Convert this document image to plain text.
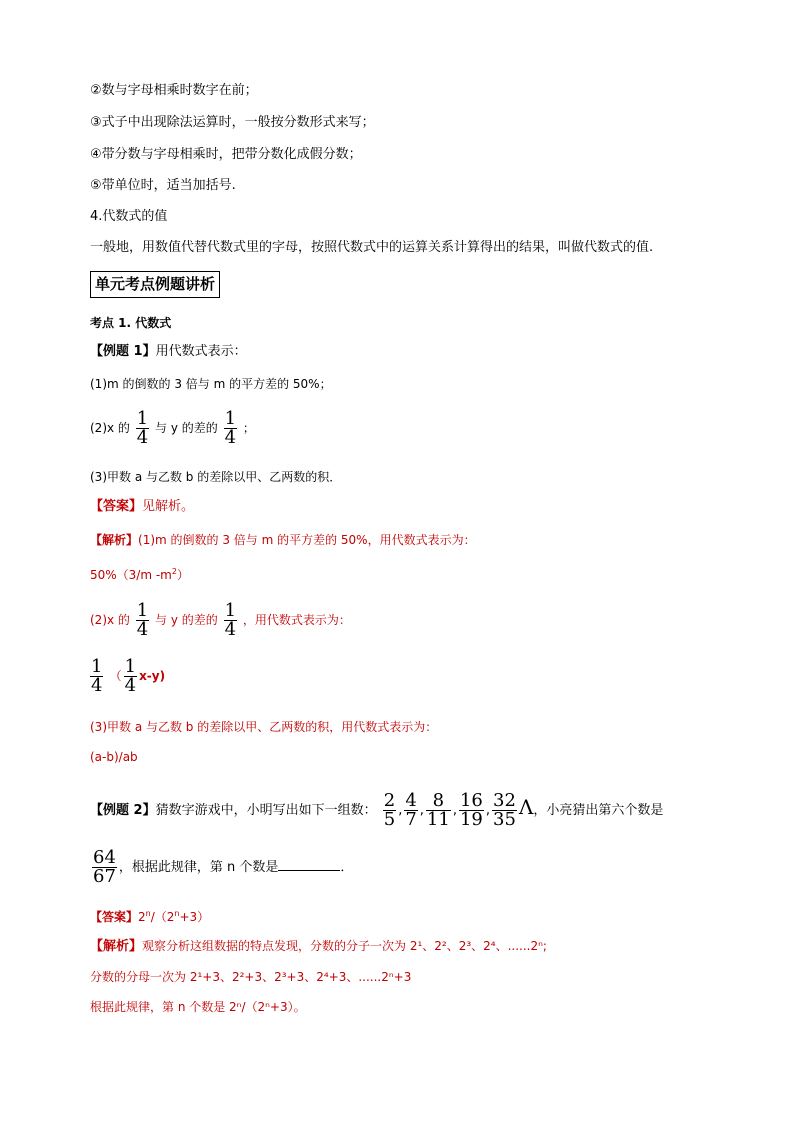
②数与字母相乘时数字在前；
③式子中出现除法运算时，一般按分数形式来写；
④带分数与字母相乘时，把带分数化成假分数；
⑤带单位时，适当加括号.
4.代数式的值
一般地，用数值代替代数式里的字母，按照代数式中的运算关系计算得出的结果，叫做代数式的值.
单元考点例题讲析
考点 1. 代数式
【例题 1】用代数式表示：
(1)m 的倒数的 3 倍与 m 的平方差的 50%；
(2)x 的 $\frac{1}{4}$ 与 y 的差的 $\frac{1}{4}$ ；
(3)甲数 a 与乙数 b 的差除以甲、乙两数的积．
【答案】见解析。
【解析】(1)m 的倒数的 3 倍与 m 的平方差的 50%，用代数式表示为：
50%（3/m $-m^2$）
(2)x 的 $\frac{1}{4}$ 与 y 的差的 $\frac{1}{4}$ ，用代数式表示为：
$\frac{1}{4}$ （ $\frac{1}{4} x-y$)
(3)甲数 a 与乙数 b 的差除以甲、乙两数的积，用代数式表示为：
(a-b)/ab
【例题 2】猜数字游戏中，小明写出如下一组数： $\frac{2}{5}$ , $\frac{4}{7}$ , $\frac{8}{11}$ , $\frac{16}{19}$ , $\frac{32}{35}$ Λ，小亮猜出第六个数是
$\frac{64}{67}$ ，根据此规律，第 n 个数是	．
【答案】$2^n/(2^n+3)$
【解析】观察分析这组数据的特点发现，分数的分子一次为 2¹、2²、2³、2⁴、......2ⁿ;
分数的分母一次为 2¹+3、2²+3、2³+3、2⁴+3、......2ⁿ+3
根据此规律，第 n 个数是 2ⁿ/（2ⁿ+3）。
